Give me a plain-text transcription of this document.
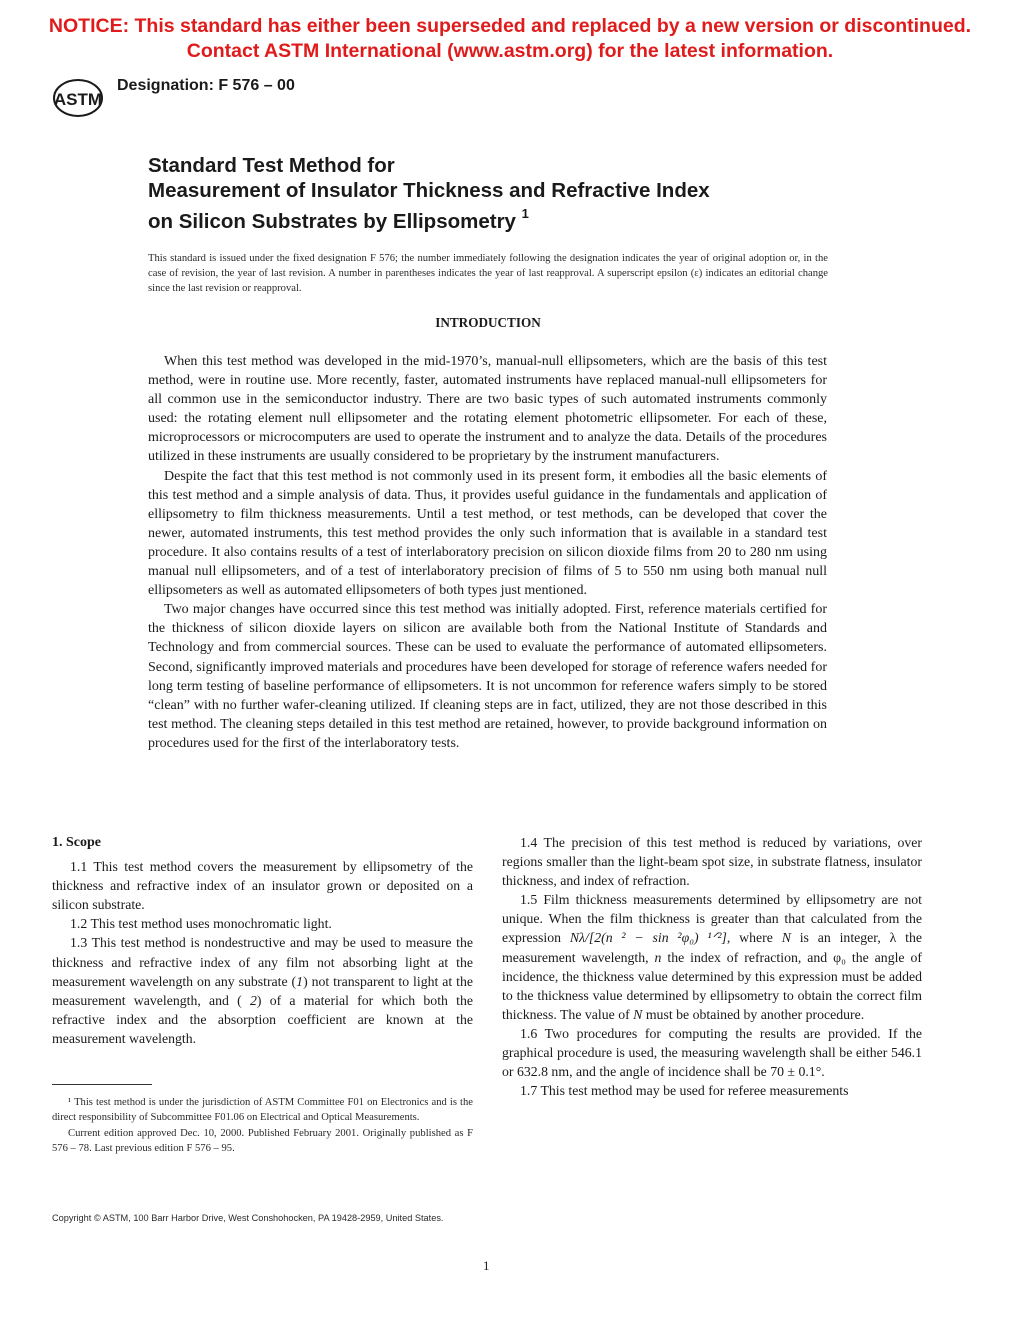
NOTICE: This standard has either been superseded and replaced by a new version or discontinued.
Contact ASTM International (www.astm.org) for the latest information.
ASTM
Designation: F 576 – 00
Standard Test Method for
Measurement of Insulator Thickness and Refractive Index
on Silicon Substrates by Ellipsometry $^1$
This standard is issued under the fixed designation F 576; the number immediately following the designation indicates the year of original adoption or, in the case of revision, the year of last revision. A number in parentheses indicates the year of last reapproval. A superscript epsilon (ε) indicates an editorial change since the last revision or reapproval.
INTRODUCTION

When this test method was developed in the mid-1970’s, manual-null ellipsometers, which are the basis of this test method, were in routine use. More recently, faster, automated instruments have replaced manual-null ellipsometers for all common use in the semiconductor industry. There are two basic types of such automated instruments commonly used: the rotating element null ellipsometer and the rotating element photometric ellipsometer. For each of these, microprocessors or microcomputers are used to operate the instrument and to analyze the data. Details of the procedures utilized in these instruments are usually considered to be proprietary by the instrument manufacturers.

Despite the fact that this test method is not commonly used in its present form, it embodies all the basic elements of this test method and a simple analysis of data. Thus, it provides useful guidance in the fundamentals and application of ellipsometry to film thickness measurements. Until a test method, or test methods, can be developed that cover the newer, automated instruments, this test method provides the only such information that is available in a standard test procedure. It also contains results of a test of interlaboratory precision on silicon dioxide films from 20 to 280 nm using manual null ellipsometers, and of a test of interlaboratory precision of films of 5 to 550 nm using both manual null ellipsometers as well as automated ellipsometers of both types just mentioned.

Two major changes have occurred since this test method was initially adopted. First, reference materials certified for the thickness of silicon dioxide layers on silicon are available both from the National Institute of Standards and Technology and from commercial sources. These can be used to evaluate the performance of automated ellipsometers. Second, significantly improved materials and procedures have been developed for storage of reference wafers needed for long term testing of baseline performance of ellipsometers. It is not uncommon for reference wafers simply to be stored “clean” with no further wafer-cleaning utilized. If cleaning steps are in fact, utilized, they are not those described in this test method. The cleaning steps detailed in this test method are retained, however, to provide background information on procedures used for the first of the interlaboratory tests.

1. Scope

1.1 This test method covers the measurement by ellipsometry of the thickness and refractive index of an insulator grown or deposited on a silicon substrate.

1.2 This test method uses monochromatic light.

1.3 This test method is nondestructive and may be used to measure the thickness and refractive index of any film not absorbing light at the measurement wavelength on any substrate (1) not transparent to light at the measurement wavelength, and ( 2) of a material for which both the refractive index and the absorption coefficient are known at the measurement wavelength.

¹ This test method is under the jurisdiction of ASTM Committee F01 on Electronics and is the direct responsibility of Subcommittee F01.06 on Electrical and Optical Measurements.

Current edition approved Dec. 10, 2000. Published February 2001. Originally published as F 576 – 78. Last previous edition F 576 – 95.

1.4 The precision of this test method is reduced by variations, over regions smaller than the light-beam spot size, in substrate flatness, insulator thickness, and index of refraction.

1.5 Film thickness measurements determined by ellipsometry are not unique. When the film thickness is greater than that calculated from the expression Nλ/[2(n ² − sin ²φ₀) ¹ᐟ²], where N is an integer, λ the measurement wavelength, n the index of refraction, and φ₀ the angle of incidence, the thickness value determined by this expression must be added to the thickness value determined by ellipsometry to obtain the correct film thickness. The value of N must be obtained by another procedure.

1.6 Two procedures for computing the results are provided. If the graphical procedure is used, the measuring wavelength shall be either 546.1 or 632.8 nm, and the angle of incidence shall be 70 ± 0.1°.

1.7 This test method may be used for referee measurements

Copyright © ASTM, 100 Barr Harbor Drive, West Conshohocken, PA 19428-2959, United States.
1
